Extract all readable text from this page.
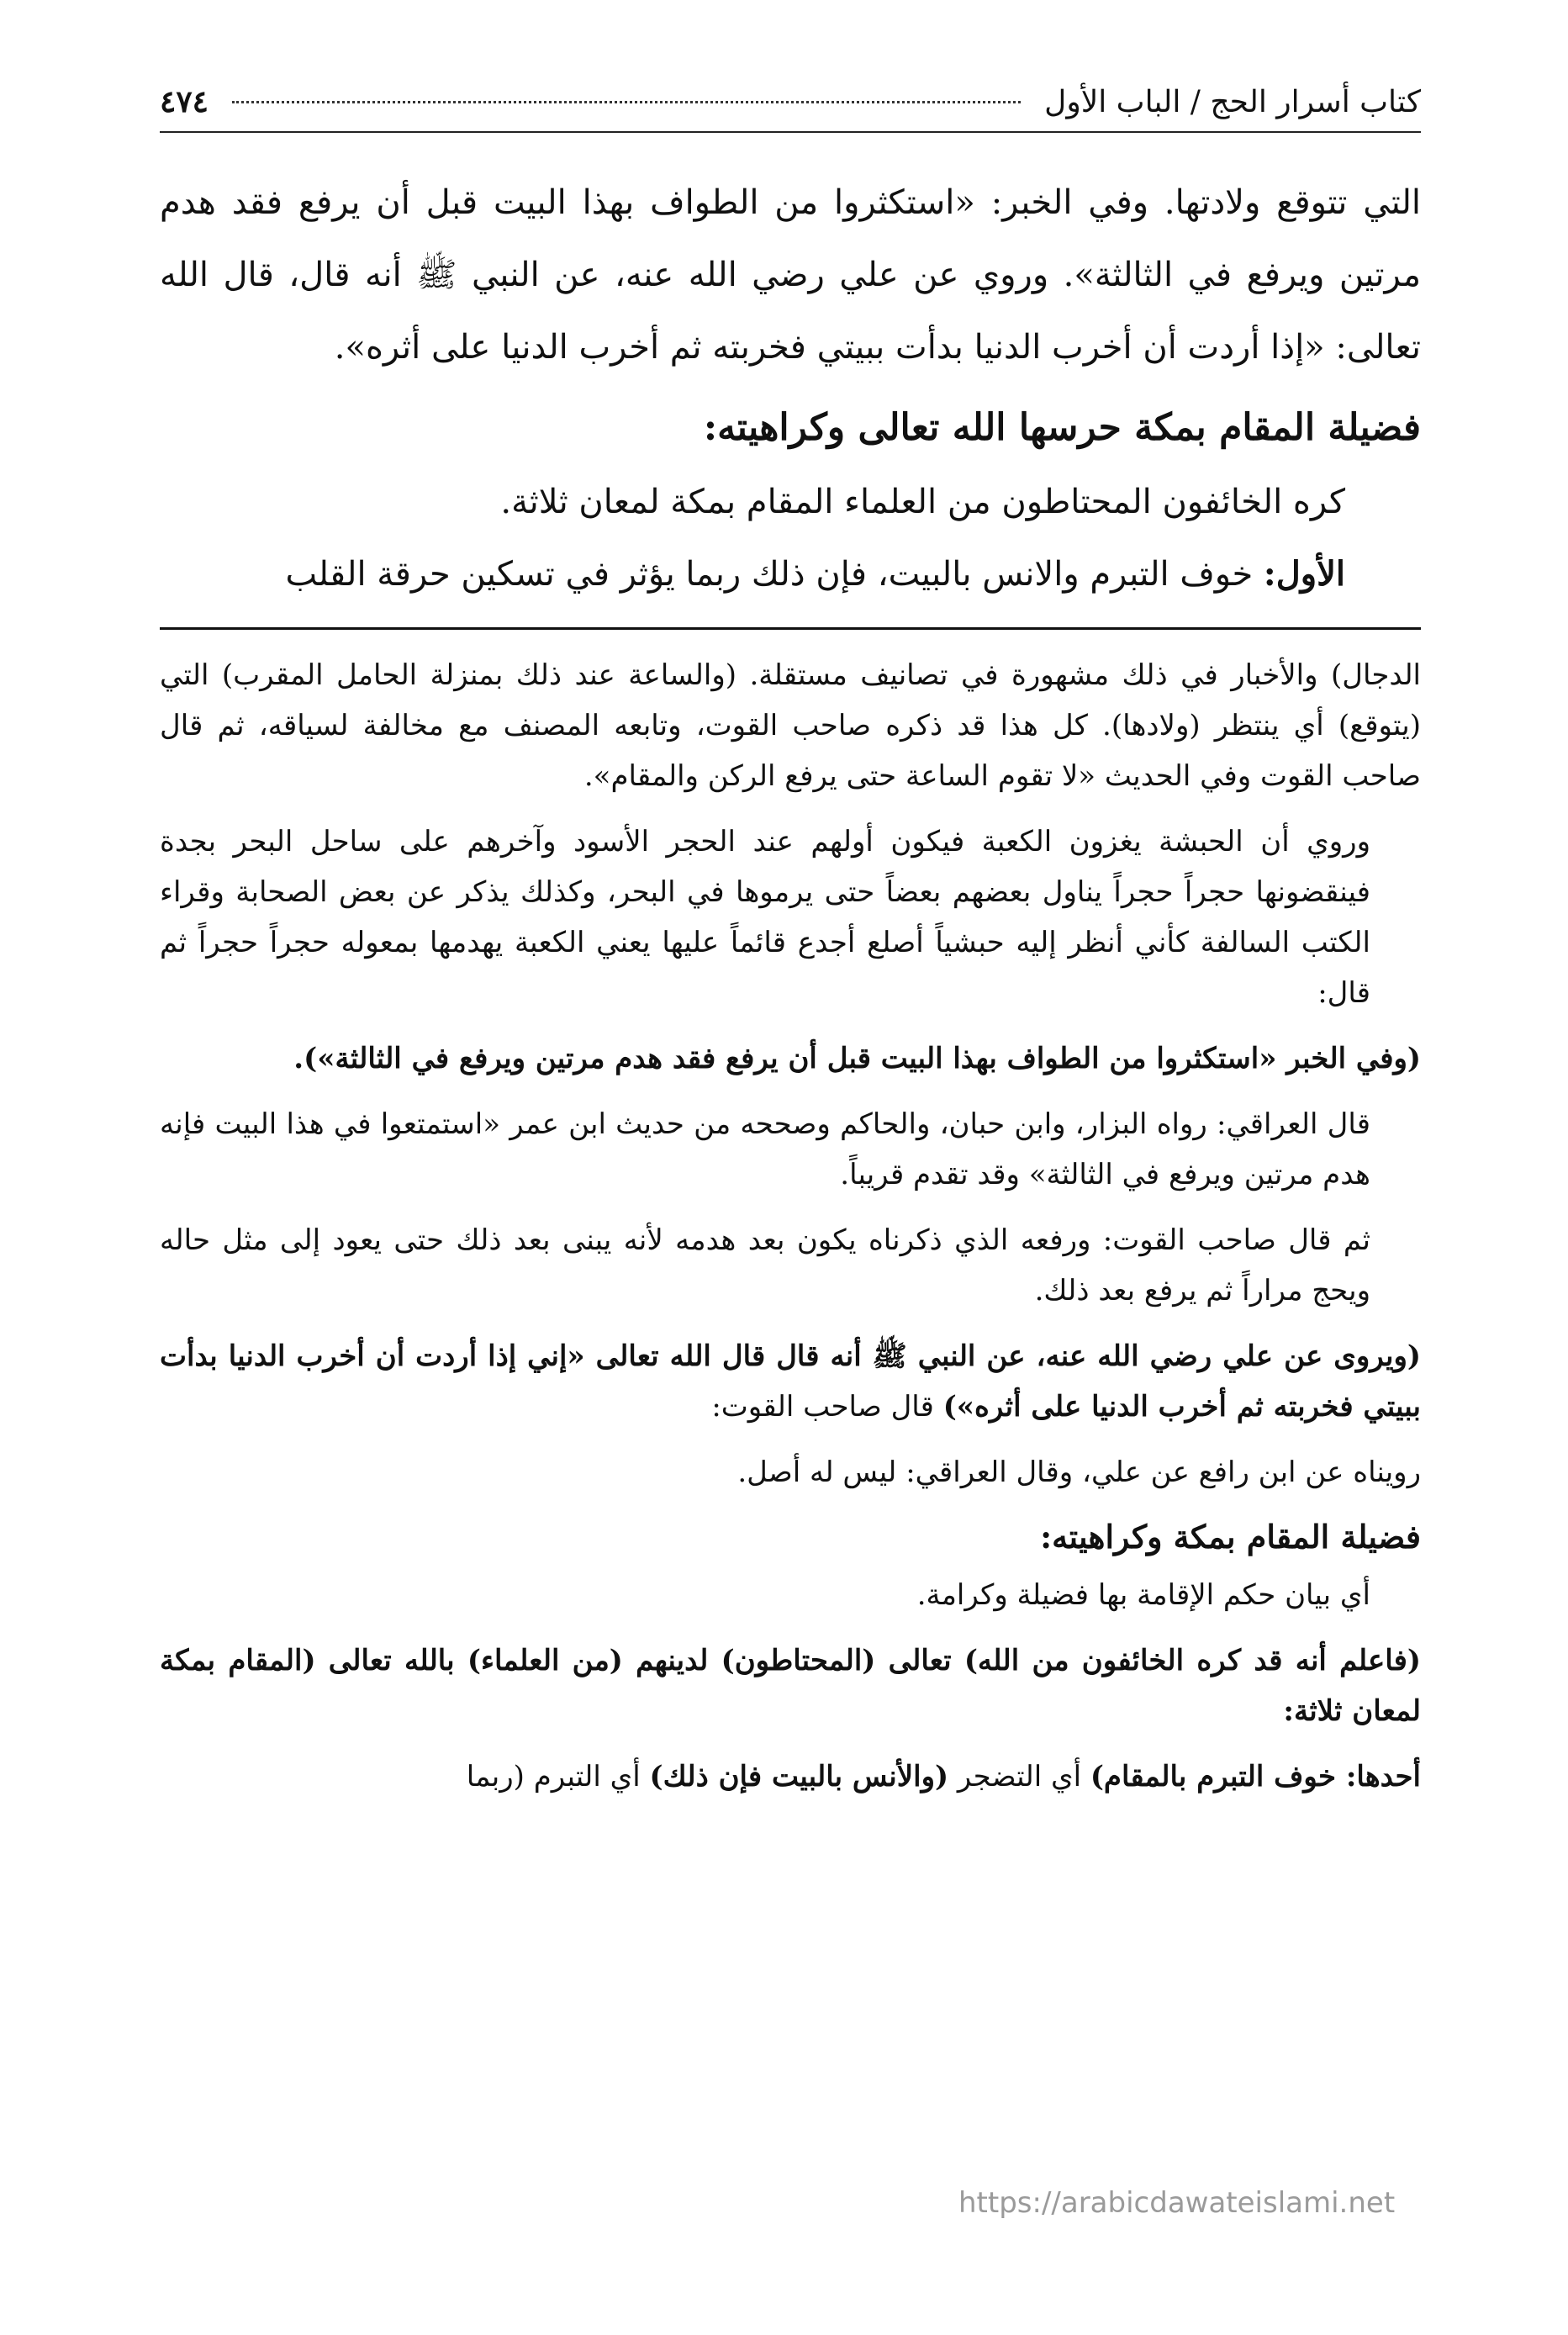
كتاب أسرار الحج / الباب الأول
٤٧٤

التي تتوقع ولادتها. وفي الخبر: «استكثروا من الطواف بهذا البيت قبل أن يرفع فقد هدم مرتين ويرفع في الثالثة». وروي عن علي رضي الله عنه، عن النبي ﷺ أنه قال، قال الله تعالى: «إذا أردت أن أخرب الدنيا بدأت ببيتي فخربته ثم أخرب الدنيا على أثره».

فضيلة المقام بمكة حرسها الله تعالى وكراهيته:

كره الخائفون المحتاطون من العلماء المقام بمكة لمعان ثلاثة.

الأول: خوف التبرم والانس بالبيت، فإن ذلك ربما يؤثر في تسكين حرقة القلب

الدجال) والأخبار في ذلك مشهورة في تصانيف مستقلة. (والساعة عند ذلك بمنزلة الحامل المقرب) التي (يتوقع) أي ينتظر (ولادها). كل هذا قد ذكره صاحب القوت، وتابعه المصنف مع مخالفة لسياقه، ثم قال صاحب القوت وفي الحديث «لا تقوم الساعة حتى يرفع الركن والمقام».

وروي أن الحبشة يغزون الكعبة فيكون أولهم عند الحجر الأسود وآخرهم على ساحل البحر بجدة فينقضونها حجراً حجراً يناول بعضهم بعضاً حتى يرموها في البحر، وكذلك يذكر عن بعض الصحابة وقراء الكتب السالفة كأني أنظر إليه حبشياً أصلع أجدع قائماً عليها يعني الكعبة يهدمها بمعوله حجراً حجراً ثم قال:

(وفي الخبر «استكثروا من الطواف بهذا البيت قبل أن يرفع فقد هدم مرتين ويرفع في الثالثة»).

قال العراقي: رواه البزار، وابن حبان، والحاكم وصححه من حديث ابن عمر «استمتعوا في هذا البيت فإنه هدم مرتين ويرفع في الثالثة» وقد تقدم قريباً.

ثم قال صاحب القوت: ورفعه الذي ذكرناه يكون بعد هدمه لأنه يبنى بعد ذلك حتى يعود إلى مثل حاله ويحج مراراً ثم يرفع بعد ذلك.

(ويروى عن علي رضي الله عنه، عن النبي ﷺ أنه قال قال الله تعالى «إني إذا أردت أن أخرب الدنيا بدأت ببيتي فخربته ثم أخرب الدنيا على أثره») قال صاحب القوت:

رويناه عن ابن رافع عن علي، وقال العراقي: ليس له أصل.

فضيلة المقام بمكة وكراهيته:

أي بيان حكم الإقامة بها فضيلة وكرامة.

(فاعلم أنه قد كره الخائفون من الله) تعالى (المحتاطون) لدينهم (من العلماء) بالله تعالى (المقام بمكة لمعان ثلاثة:

أحدها: خوف التبرم بالمقام) أي التضجر (والأنس بالبيت فإن ذلك) أي التبرم (ربما

https://arabicdawateislami.net
